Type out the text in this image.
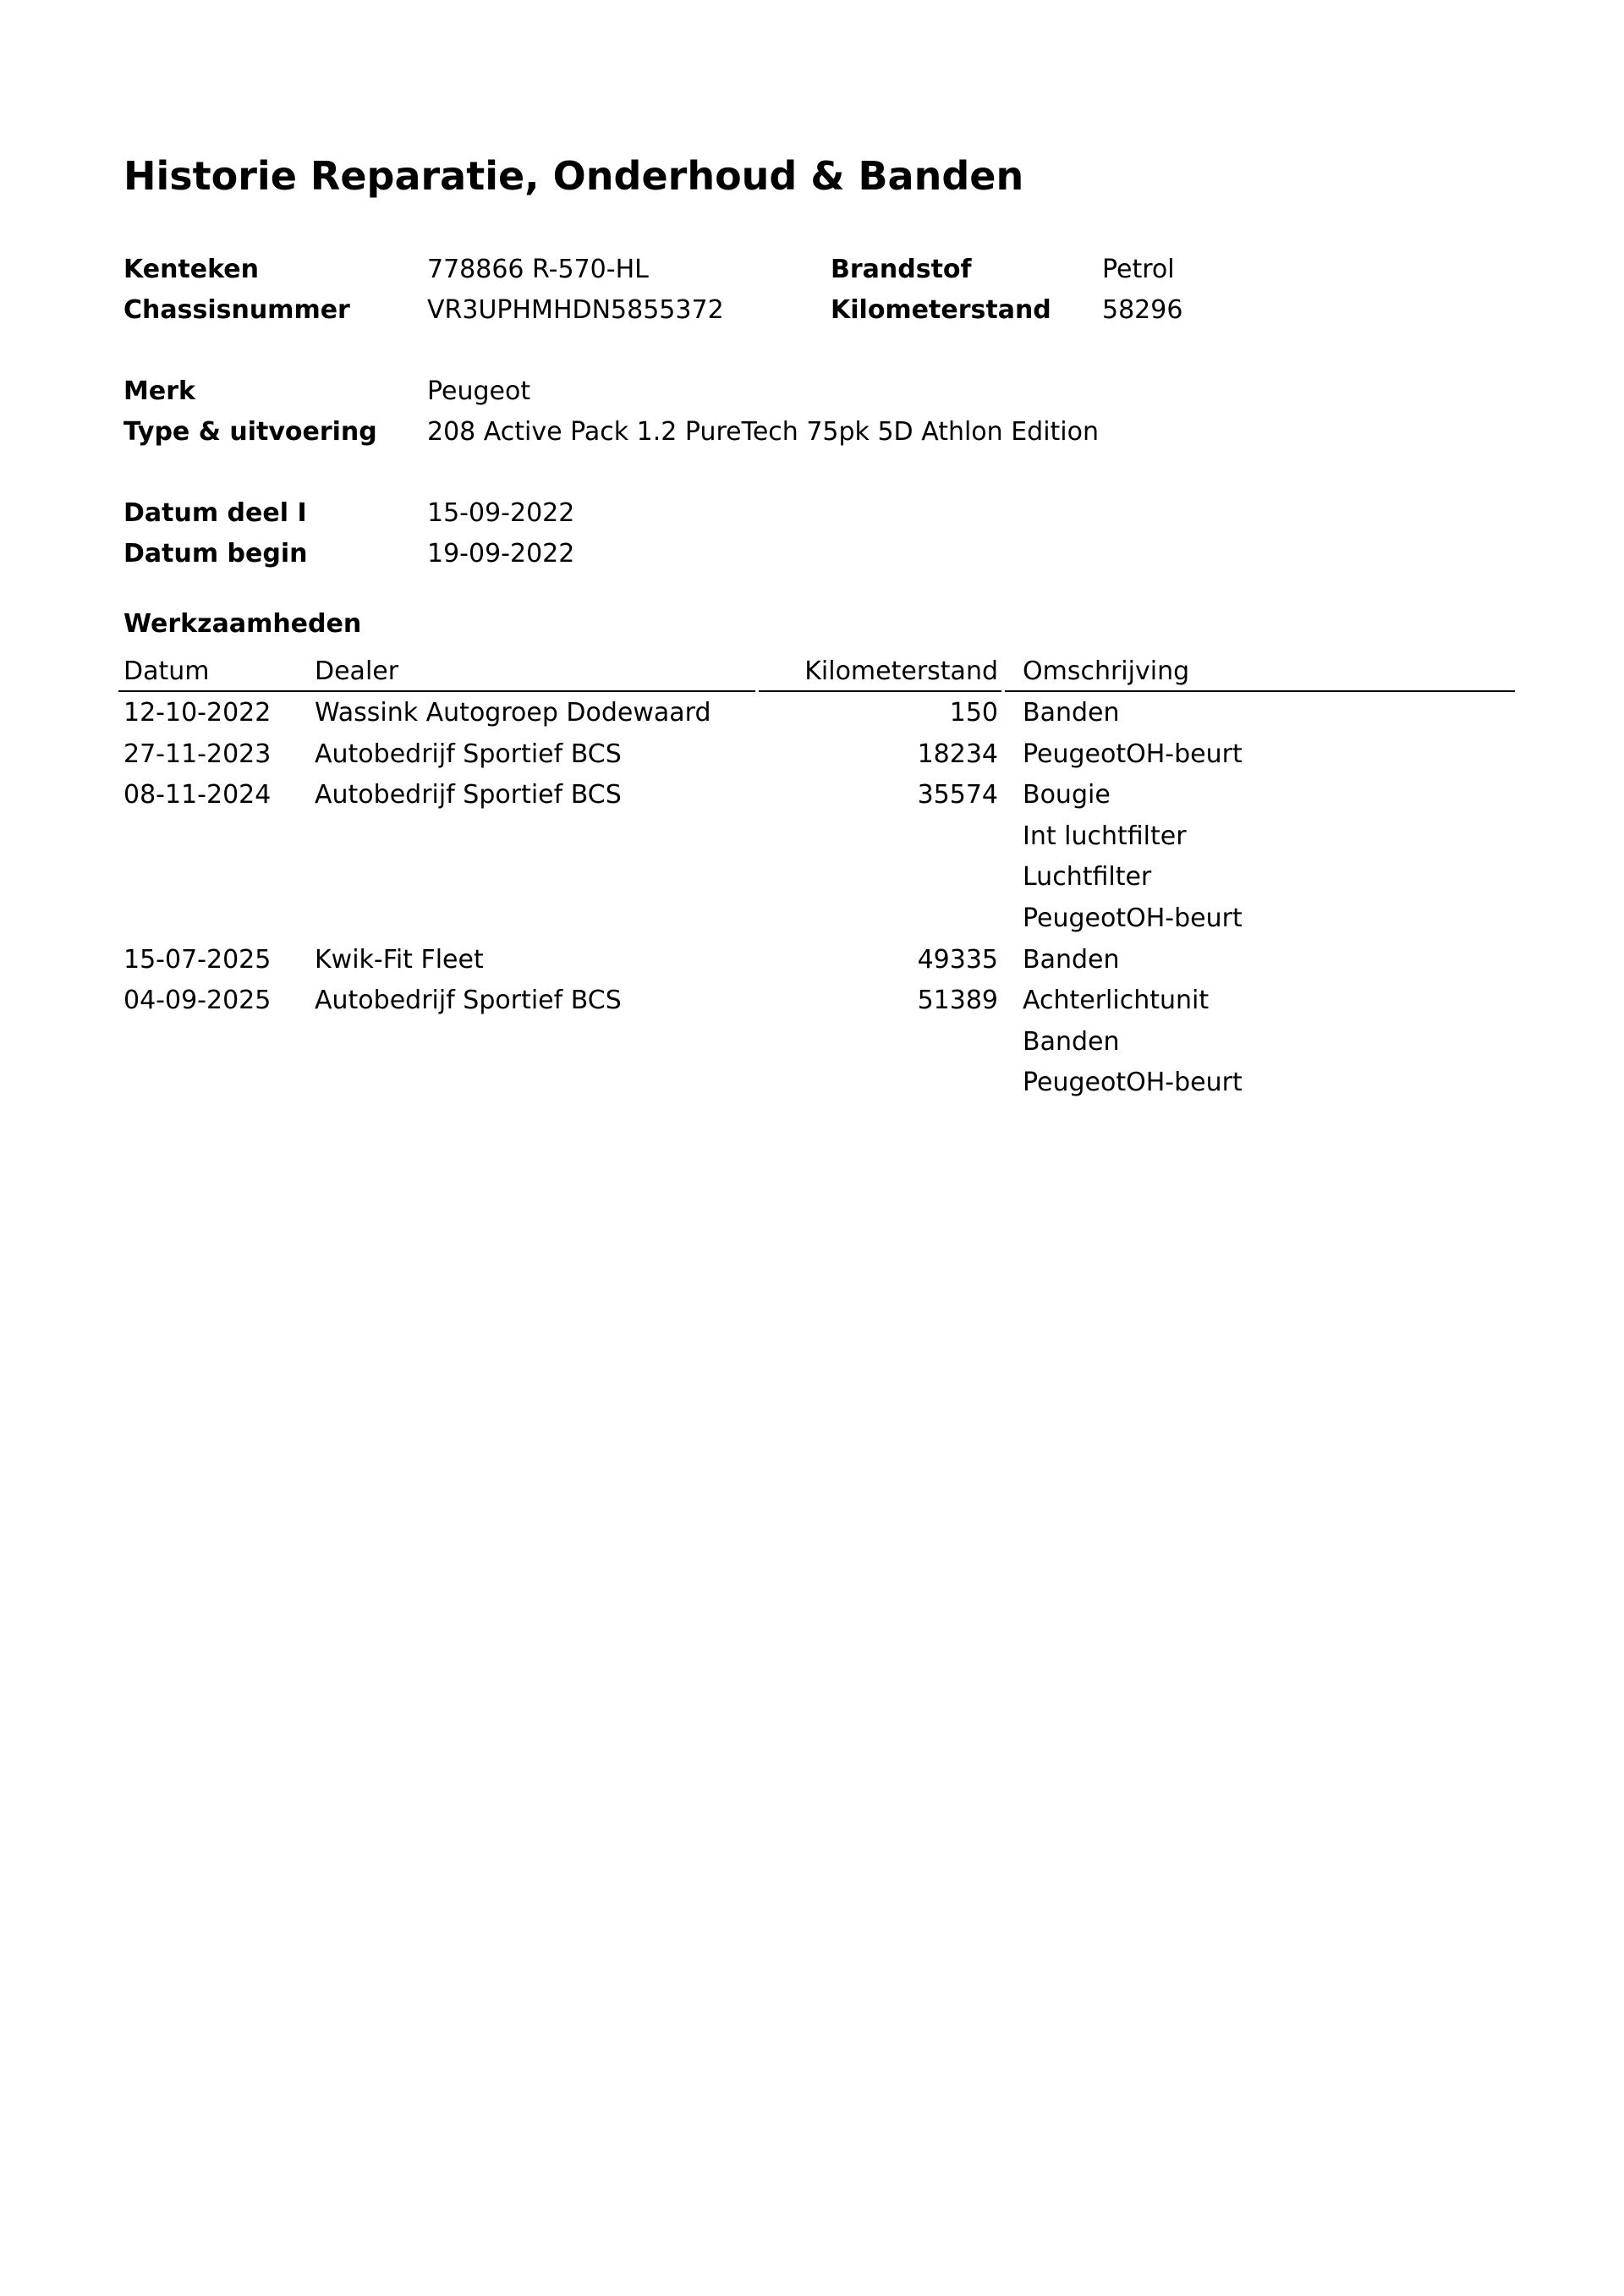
Historie Reparatie, Onderhoud & Banden
Kenteken	778866 R-570-HL	Brandstof	Petrol
Chassisnummer	VR3UPHMHDN5855372	Kilometerstand 58296
Merk	Peugeot
Type & uitvoering 208 Active Pack 1.2 PureTech 75pk 5D Athlon Edition
Datum deel I	15-09-2022
Datum begin	19-09-2022
Werkzaamheden
Datum	Dealer	Kilometerstand Omschrijving
12-10-2022 Wassink Autogroep Dodewaard	150 Banden
27-11-2023 Autobedrijf Sportief BCS	18234 PeugeotOH-beurt
08-11-2024 Autobedrijf Sportief BCS	35574 Bougie
Int luchtfilter
Luchtfilter
PeugeotOH-beurt
15-07-2025 Kwik-Fit Fleet	49335 Banden
04-09-2025 Autobedrijf Sportief BCS	51389 Achterlichtunit
Banden
PeugeotOH-beurt
